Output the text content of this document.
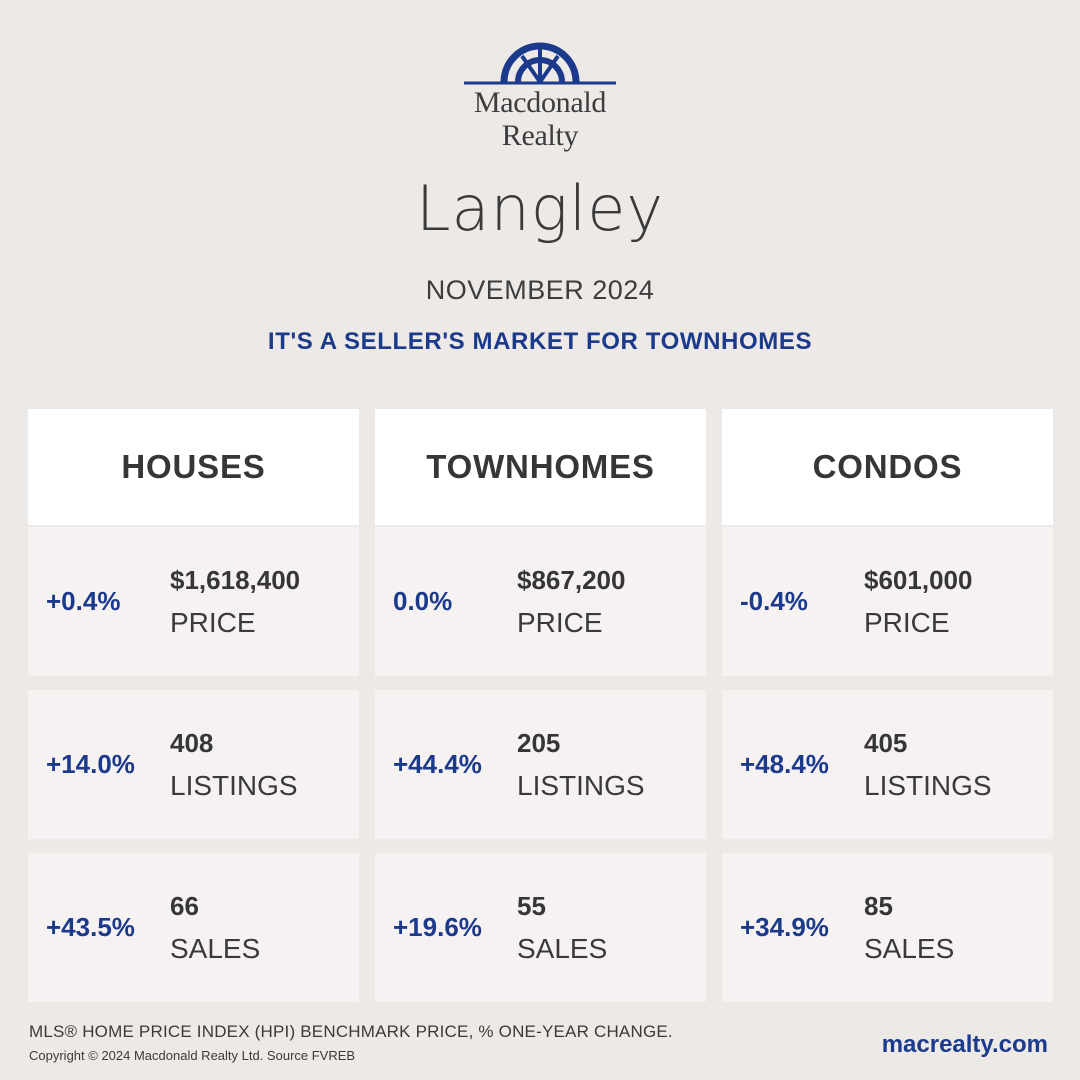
Macdonald
Realty
Langley
NOVEMBER 2024
IT'S A SELLER'S MARKET FOR TOWNHOMES
HOUSES
+0.4%
$1,618,400
PRICE
+14.0%
408
LISTINGS
+43.5%
66
SALES
TOWNHOMES
0.0%
$867,200
PRICE
+44.4%
205
LISTINGS
+19.6%
55
SALES
CONDOS
-0.4%
$601,000
PRICE
+48.4%
405
LISTINGS
+34.9%
85
SALES
MLS® HOME PRICE INDEX (HPI) BENCHMARK PRICE, % ONE-YEAR CHANGE.
Copyright © 2024 Macdonald Realty Ltd. Source FVREB	macrealty.com
